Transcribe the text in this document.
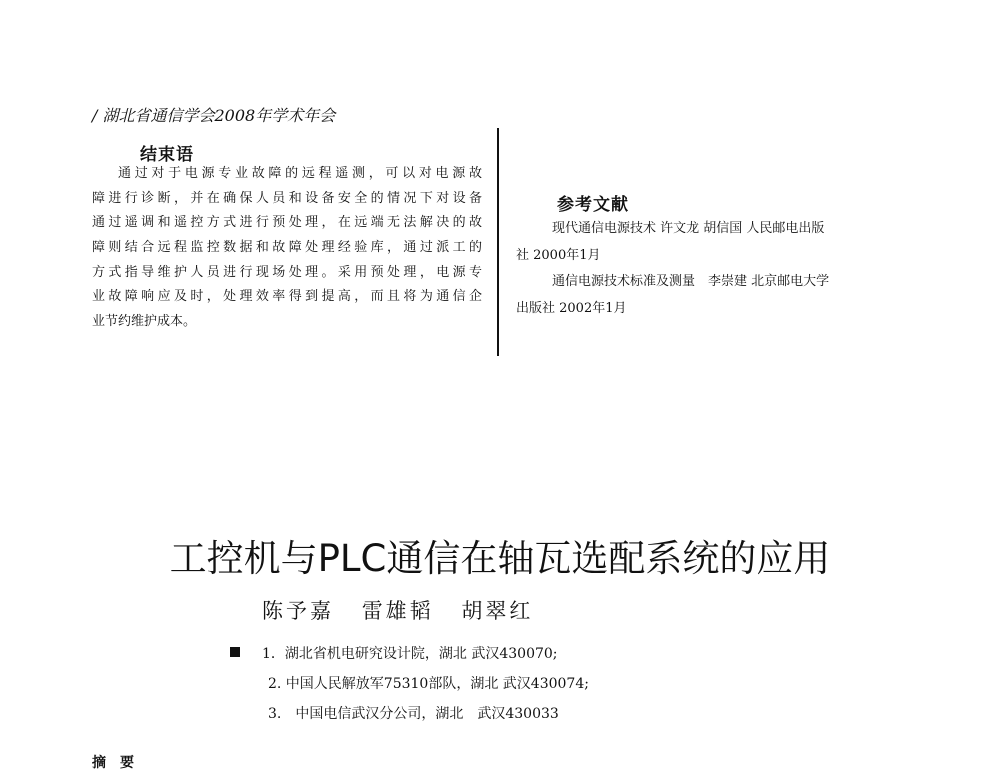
/ 湖北省通信学会2008年学术年会
结束语
通过对于电源专业故障的远程遥测，可以对电源故
障进行诊断，并在确保人员和设备安全的情况下对设备
通过遥调和遥控方式进行预处理，在远端无法解决的故
障则结合远程监控数据和故障处理经验库，通过派工的
方式指导维护人员进行现场处理。采用预处理，电源专
业故障响应及时，处理效率得到提高，而且将为通信企
业节约维护成本。
参考文献
现代通信电源技术 许文龙 胡信国 人民邮电出版
社 2000年1月
通信电源技术标准及测量　李崇建 北京邮电大学
出版社 2002年1月
工控机与PLC通信在轴瓦选配系统的应用
陈予嘉 雷雄韬 胡翠红
1．湖北省机电研究设计院，湖北 武汉430070;
2. 中国人民解放军75310部队，湖北 武汉430074;
3.　中国电信武汉分公司，湖北　武汉430033
摘　要
